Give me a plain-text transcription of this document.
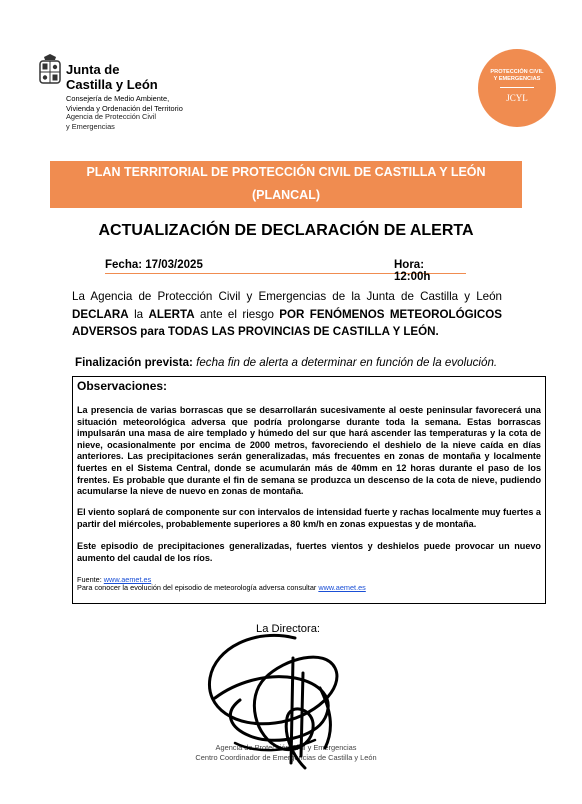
Junta de
Castilla y León
Consejería de Medio Ambiente,
Vivienda y Ordenación del Territorio
Agencia de Protección Civil
y Emergencias
PROTECCIÓN CIVIL
Y EMERGENCIAS
JCYL
PLAN TERRITORIAL DE PROTECCIÓN CIVIL DE CASTILLA Y LEÓN
(PLANCAL)
ACTUALIZACIÓN DE DECLARACIÓN DE ALERTA
Fecha: 17/03/2025	Hora:  12:00h
La Agencia de Protección Civil y Emergencias de la Junta de Castilla y León DECLARA la ALERTA ante el riesgo POR FENÓMENOS METEOROLÓGICOS ADVERSOS para TODAS LAS PROVINCIAS DE CASTILLA Y LEÓN.
Finalización prevista: fecha fin de alerta a determinar en función de la evolución.
Observaciones:
La presencia de varias borrascas que se desarrollarán sucesivamente al oeste peninsular favorecerá una situación meteorológica adversa que podría prolongarse durante toda la semana. Estas borrascas impulsarán una masa de aire templado y húmedo del sur que hará ascender las temperaturas y la cota de nieve, ocasionalmente por encima de 2000 metros, favoreciendo el deshielo de la nieve caída en días anteriores. Las precipitaciones serán generalizadas, más frecuentes en zonas de montaña y localmente fuertes en el Sistema Central, donde se acumularán más de 40mm en 12 horas durante el paso de los frentes. Es probable que durante el fin de semana se produzca un descenso de la cota de nieve, pudiendo acumularse la nieve de nuevo en zonas de montaña.
El viento soplará de componente sur con intervalos de intensidad fuerte y rachas localmente muy fuertes a partir del miércoles, probablemente superiores a 80 km/h en zonas expuestas y de montaña.
Este episodio de precipitaciones generalizadas, fuertes vientos y deshielos puede provocar un nuevo aumento del caudal de los ríos.
Fuente: www.aemet.es
Para conocer la evolución del episodio de meteorología adversa consultar www.aemet.es
La Directora:
Agencia de Protección Civil y Emergencias
Centro Coordinador de Emergencias de Castilla y León
